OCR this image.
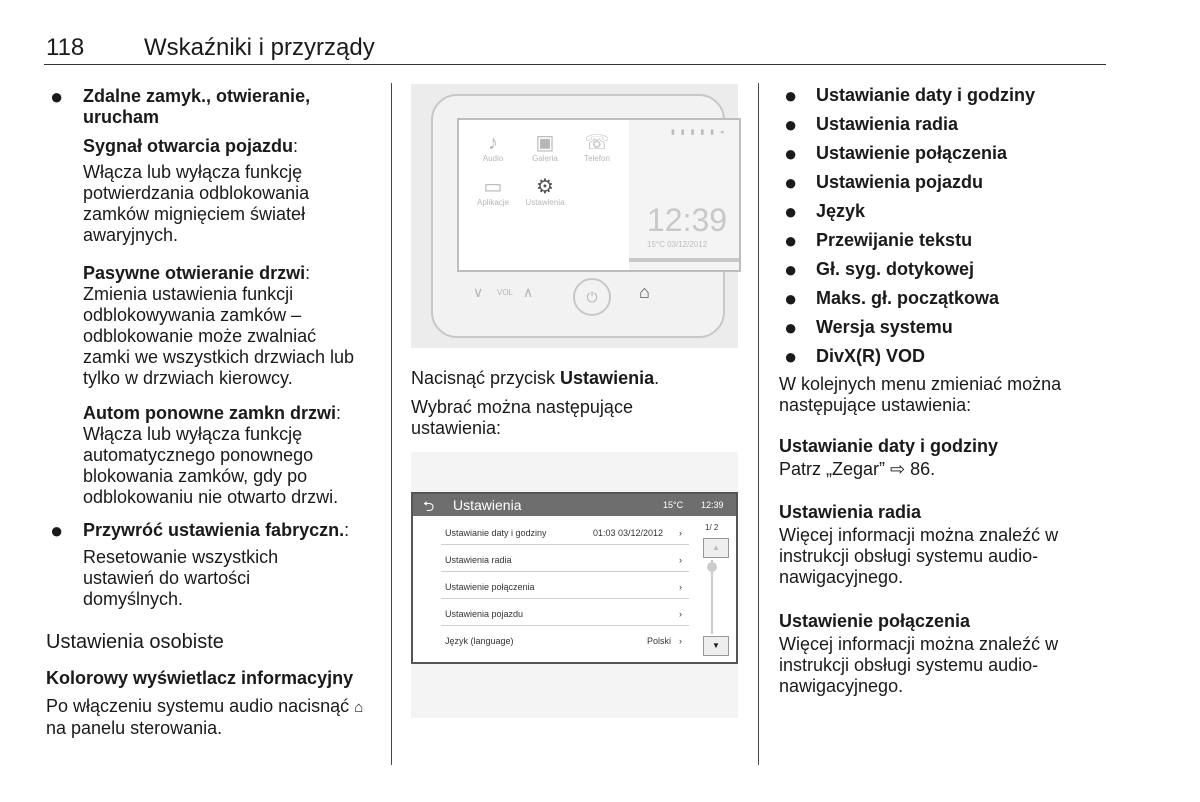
118 Wskaźniki i przyrządy
● Zdalne zamyk., otwieranie, urucham
Sygnał otwarcia pojazdu:
Włącza lub wyłącza funkcję potwierdzania odblokowania zamków mignięciem świateł awaryjnych.
Pasywne otwieranie drzwi: Zmienia ustawienia funkcji odblokowywania zamków – odblokowanie może zwalniać zamki we wszystkich drzwiach lub tylko w drzwiach kierowcy.
Autom ponowne zamkn drzwi: Włącza lub wyłącza funkcję automatycznego ponownego blokowania zamków, gdy po odblokowaniu nie otwarto drzwi.
● Przywróć ustawienia fabryczn.:
Resetowanie wszystkich ustawień do wartości domyślnych.
Ustawienia osobiste
Kolorowy wyświetlacz informacyjny
Po włączeniu systemu audio nacisnąć ⌂ na panelu sterowania.
♪
Audio
▣
Galeria
☏
Telefon
▭
Aplikacje
⚙
Ustawienia
▮ ▮ ▮ ▮ ▮ ◂
12:39
15°C 03/12/2012
∨ VOL ∧	⏻	⌂
Nacisnąć przycisk Ustawienia.
Wybrać można następujące ustawienia:
⮌ Ustawienia	15°C 12:39
Ustawianie daty i godziny	01:03 03/12/2012 ›
Ustawienia radia	›
Ustawienie połączenia	›
Ustawienia pojazdu	›
Język (language)	Polski ›
1/ 2
▲
▼
● Ustawianie daty i godziny
● Ustawienia radia
● Ustawienie połączenia
● Ustawienia pojazdu
● Język
● Przewijanie tekstu
● Gł. syg. dotykowej
● Maks. gł. początkowa
● Wersja systemu
● DivX(R) VOD
W kolejnych menu zmieniać można następujące ustawienia:
Ustawianie daty i godziny
Patrz „Zegar” ⇨ 86.
Ustawienia radia
Więcej informacji można znaleźć w instrukcji obsługi systemu audio-nawigacyjnego.
Ustawienie połączenia
Więcej informacji można znaleźć w instrukcji obsługi systemu audio-nawigacyjnego.
